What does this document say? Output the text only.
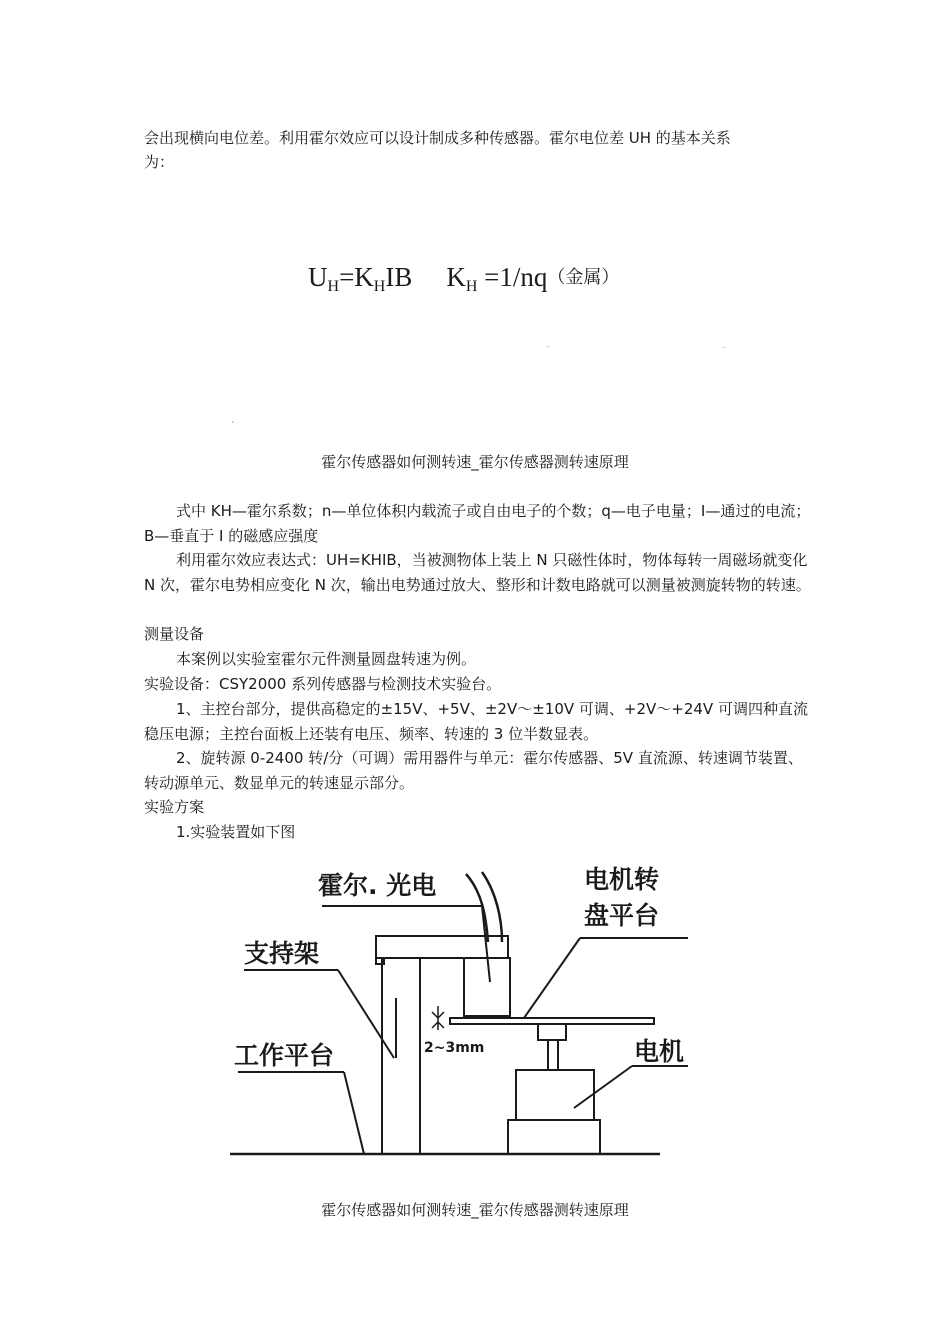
会出现横向电位差。利用霍尔效应可以设计制成多种传感器。霍尔电位差 UH 的基本关系

为：

$U_H=K_HIB$ $K_H =1/nq$（金属）
霍尔传感器如何测转速_霍尔传感器测转速原理

式中 KH—霍尔系数；n—单位体积内载流子或自由电子的个数；q—电子电量；I—通过的电流；B—垂直于 I 的磁感应强度

利用霍尔效应表达式：UH=KHIB，当被测物体上装上 N 只磁性体时，物体每转一周磁场就变化 N 次，霍尔电势相应变化 N 次，输出电势通过放大、整形和计数电路就可以测量被测旋转物的转速。

测量设备

本案例以实验室霍尔元件测量圆盘转速为例。

实验设备：CSY2000 系列传感器与检测技术实验台。

1、主控台部分，提供高稳定的±15V、+5V、±2V～±10V 可调、+2V～+24V 可调四种直流稳压电源；主控台面板上还装有电压、频率、转速的 3 位半数显表。

2、旋转源 0-2400 转/分（可调）需用器件与单元：霍尔传感器、5V 直流源、转速调节装置、转动源单元、数显单元的转速显示部分。

实验方案

1.实验装置如下图

霍尔. 光电	电机转
盘平台
支持架
工作平台	电机
2~3mm
霍尔传感器如何测转速_霍尔传感器测转速原理
